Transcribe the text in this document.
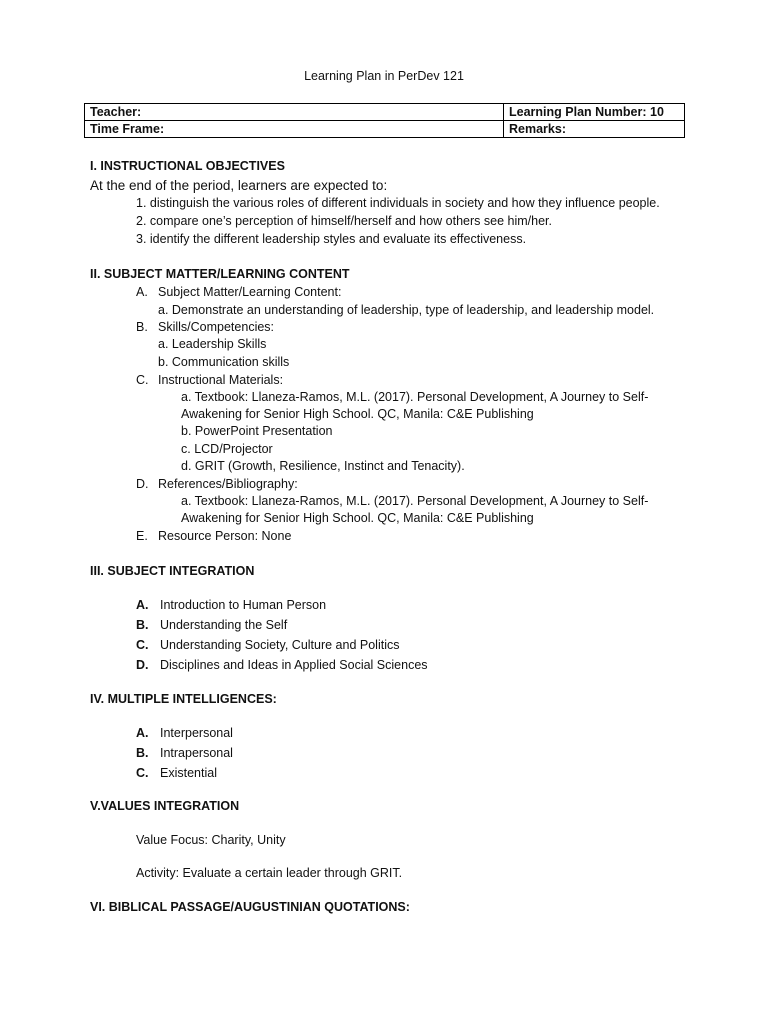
Learning Plan in PerDev 121
Teacher:	Learning Plan Number: 10
Time Frame:	Remarks:
I. INSTRUCTIONAL OBJECTIVES
At the end of the period, learners are expected to:
1. distinguish the various roles of different individuals in society and how they influence people.
2. compare one’s perception of himself/herself and how others see him/her.
3. identify the different leadership styles and evaluate its effectiveness.
II. SUBJECT MATTER/LEARNING CONTENT
A. Subject Matter/Learning Content:
a. Demonstrate an understanding of leadership, type of leadership, and leadership model.
B. Skills/Competencies:
a. Leadership Skills
b. Communication skills
C. Instructional Materials:
a. Textbook: Llaneza-Ramos, M.L. (2017). Personal Development, A Journey to Self-
Awakening for Senior High School. QC, Manila: C&E Publishing
b. PowerPoint Presentation
c. LCD/Projector
d. GRIT (Growth, Resilience, Instinct and Tenacity).
D. References/Bibliography:
a. Textbook: Llaneza-Ramos, M.L. (2017). Personal Development, A Journey to Self-
Awakening for Senior High School. QC, Manila: C&E Publishing
E. Resource Person: None
III. SUBJECT INTEGRATION
A. Introduction to Human Person
B. Understanding the Self
C. Understanding Society, Culture and Politics
D. Disciplines and Ideas in Applied Social Sciences
IV. MULTIPLE INTELLIGENCES:
A. Interpersonal
B. Intrapersonal
C. Existential
V.VALUES INTEGRATION
Value Focus: Charity, Unity
Activity: Evaluate a certain leader through GRIT.
VI. BIBLICAL PASSAGE/AUGUSTINIAN QUOTATIONS:
